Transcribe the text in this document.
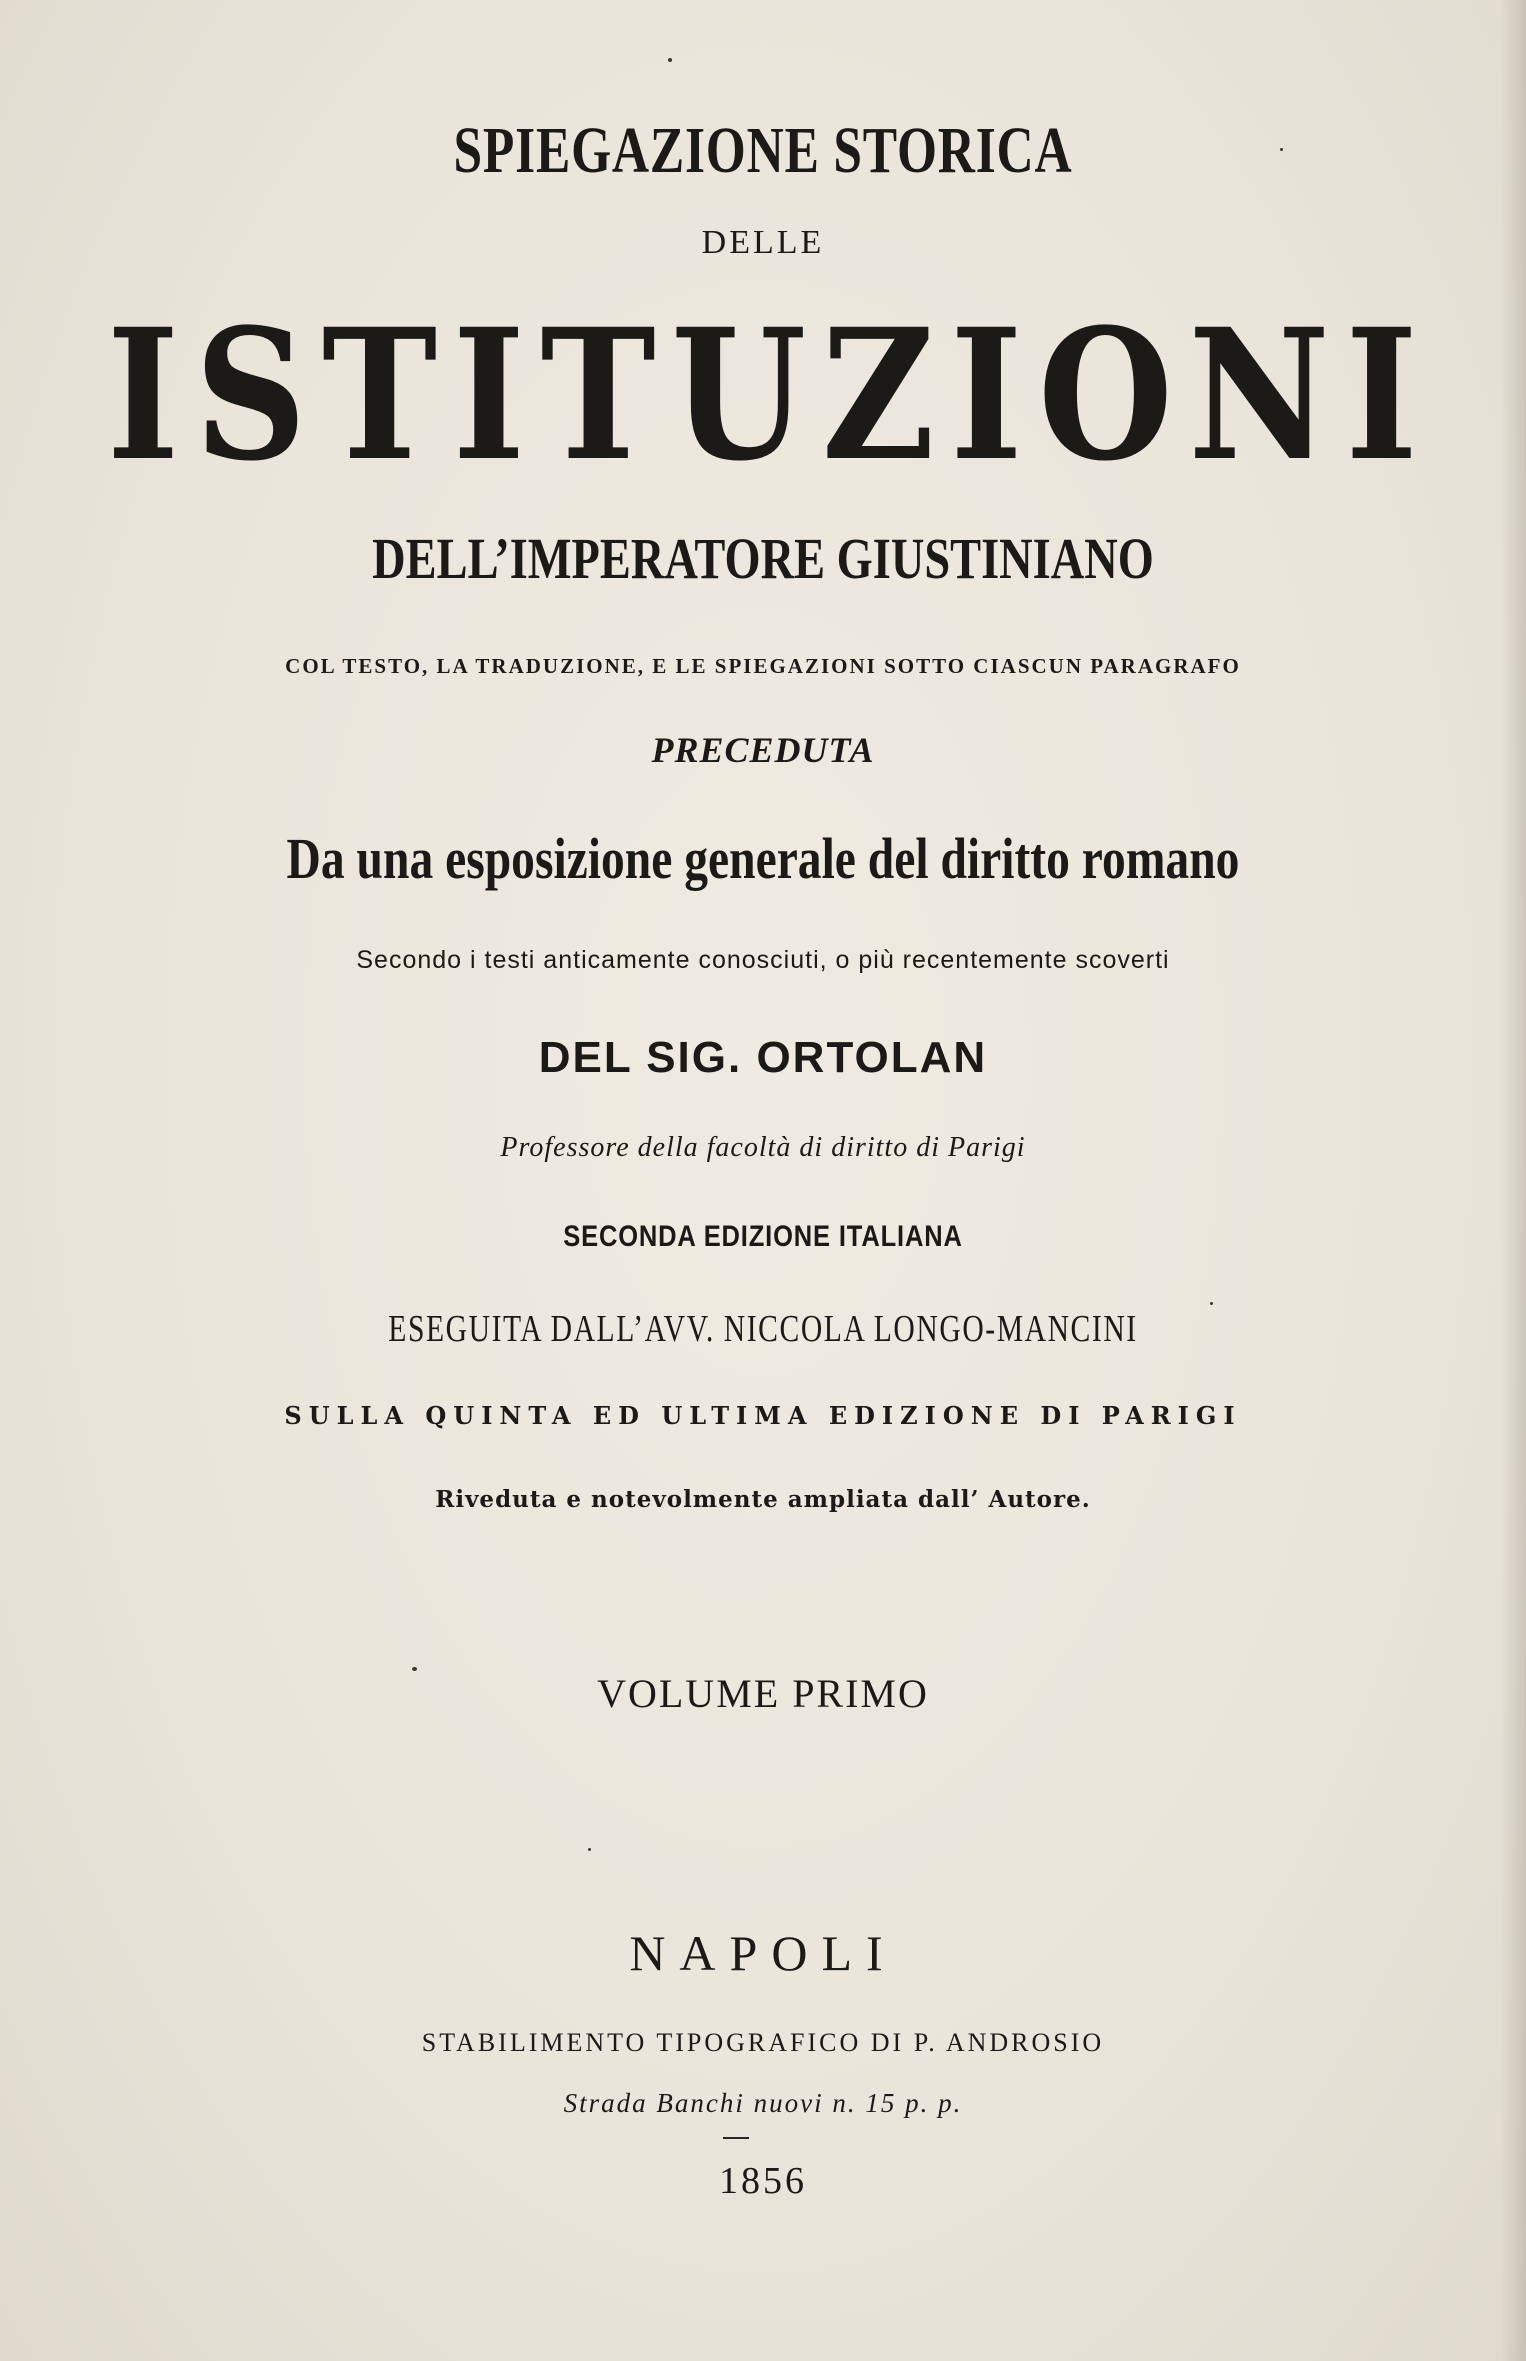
SPIEGAZIONE STORICA
DELLE
ISTITUZIONI
DELL’IMPERATORE GIUSTINIANO
COL TESTO, LA TRADUZIONE, E LE SPIEGAZIONI SOTTO CIASCUN PARAGRAFO
PRECEDUTA
Da una esposizione generale del diritto romano
Secondo i testi anticamente conosciuti, o più recentemente scoverti
DEL SIG. ORTOLAN
Professore della facoltà di diritto di Parigi
SECONDA EDIZIONE ITALIANA
ESEGUITA DALL’AVV. NICCOLA LONGO-MANCINI
SULLA QUINTA ED ULTIMA EDIZIONE DI PARIGI
Riveduta e notevolmente ampliata dall’ Autore.
VOLUME PRIMO
NAPOLI
STABILIMENTO TIPOGRAFICO DI P. ANDROSIO
Strada Banchi nuovi n. 15 p. p.
1856
